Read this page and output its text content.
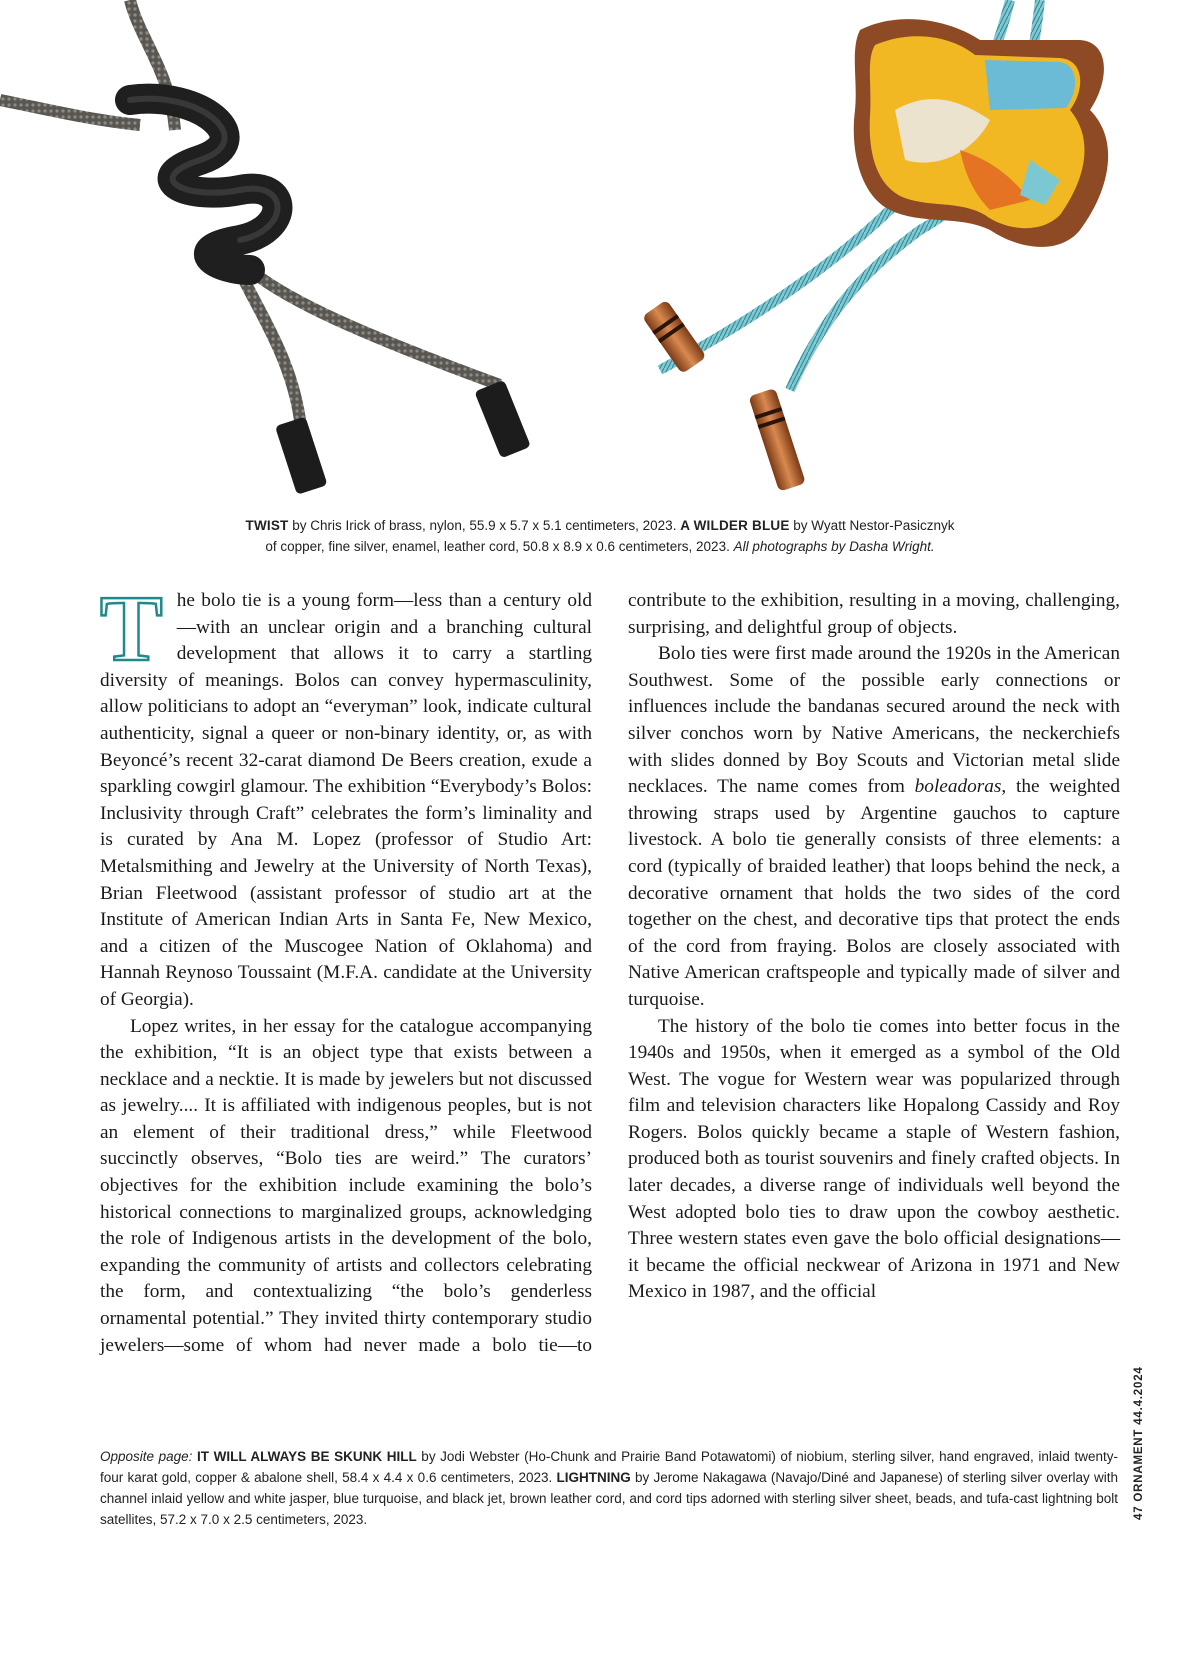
TWIST by Chris Irick of brass, nylon, 55.9 x 5.7 x 5.1 centimeters, 2023. A WILDER BLUE by Wyatt Nestor-Pasicznyk
of copper, fine silver, enamel, leather cord, 50.8 x 8.9 x 0.6 centimeters, 2023. All photographs by Dasha Wright.

The bolo tie is a young form—less than a century old—with an unclear origin and a branching cultural development that allows it to carry a startling diversity of meanings. Bolos can convey hypermasculinity, allow politicians to adopt an “everyman” look, indicate cultural authenticity, signal a queer or non-binary identity, or, as with Beyoncé’s recent 32-carat diamond De Beers creation, exude a sparkling cowgirl glamour. The exhibition “Everybody’s Bolos: Inclusivity through Craft” celebrates the form’s liminality and is curated by Ana M. Lopez (professor of Studio Art: Metalsmithing and Jewelry at the University of North Texas), Brian Fleetwood (assistant professor of studio art at the Institute of American Indian Arts in Santa Fe, New Mexico, and a citizen of the Muscogee Nation of Oklahoma) and Hannah Reynoso Toussaint (M.F.A. candidate at the University of Georgia).

Lopez writes, in her essay for the catalogue accompanying the exhibition, “It is an object type that exists between a necklace and a necktie. It is made by jewelers but not discussed as jewelry.... It is affiliated with indigenous peoples, but is not an element of their traditional dress,” while Fleetwood succinctly observes, “Bolo ties are weird.” The curators’ objectives for the exhibition include examining the bolo’s historical connections to marginalized groups, acknowledging the role of Indigenous artists in the development of the bolo, expanding the community of artists and collectors celebrating the form, and contextualizing “the bolo’s genderless ornamental potential.” They invited thirty contemporary studio jewelers—some of whom had never made a bolo tie—to

contribute to the exhibition, resulting in a moving, challenging, surprising, and delightful group of objects.

Bolo ties were first made around the 1920s in the American Southwest. Some of the possible early connections or influences include the bandanas secured around the neck with silver conchos worn by Native Americans, the neckerchiefs with slides donned by Boy Scouts and Victorian metal slide necklaces. The name comes from boleadoras, the weighted throwing straps used by Argentine gauchos to capture livestock. A bolo tie generally consists of three elements: a cord (typically of braided leather) that loops behind the neck, a decorative ornament that holds the two sides of the cord together on the chest, and decorative tips that protect the ends of the cord from fraying. Bolos are closely associated with Native American craftspeople and typically made of silver and turquoise.

The history of the bolo tie comes into better focus in the 1940s and 1950s, when it emerged as a symbol of the Old West. The vogue for Western wear was popularized through film and television characters like Hopalong Cassidy and Roy Rogers. Bolos quickly became a staple of Western fashion, produced both as tourist souvenirs and finely crafted objects. In later decades, a diverse range of individuals well beyond the West adopted bolo ties to draw upon the cowboy aesthetic. Three western states even gave the bolo official designations—it became the official neckwear of Arizona in 1971 and New Mexico in 1987, and the official

Opposite page: IT WILL ALWAYS BE SKUNK HILL by Jodi Webster (Ho-Chunk and Prairie Band Potawatomi) of niobium, sterling silver, hand engraved, inlaid twenty-four karat gold, copper & abalone shell, 58.4 x 4.4 x 0.6 centimeters, 2023. LIGHTNING by Jerome Nakagawa (Navajo/Diné and Japanese) of sterling silver overlay with channel inlaid yellow and white jasper, blue turquoise, and black jet, brown leather cord, and cord tips adorned with sterling silver sheet, beads, and tufa-cast lightning bolt satellites, 57.2 x 7.0 x 2.5 centimeters, 2023.	47 ORNAMENT 44.4.2024
